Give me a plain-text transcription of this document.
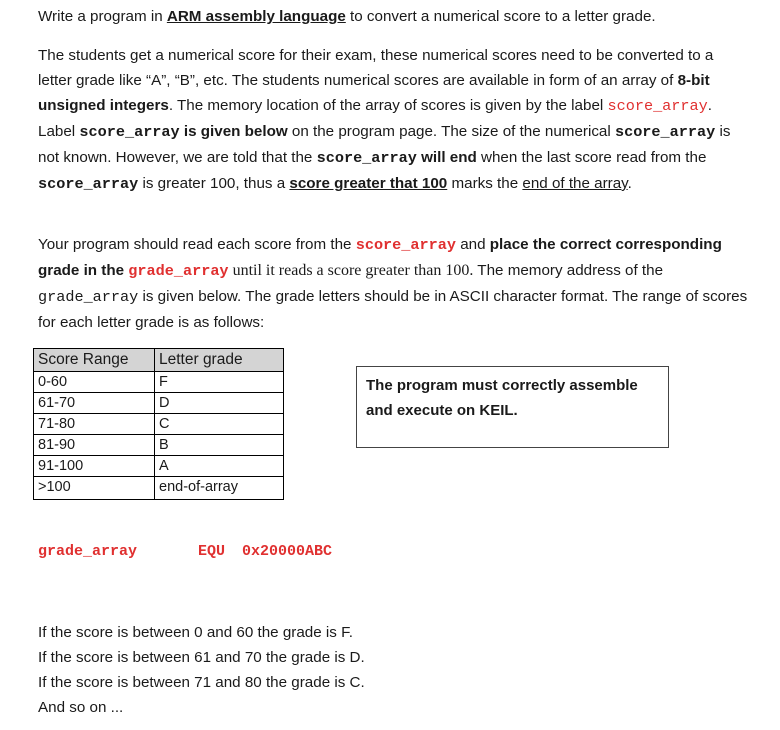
Write a program in ARM assembly language to convert a numerical score to a letter grade.

The students get a numerical score for their exam, these numerical scores need to be converted to a letter grade like “A”, “B”, etc. The students numerical scores are available in form of an array of 8-bit unsigned integers. The memory location of the array of scores is given by the label score_array. Label score_array is given below on the program page. The size of the numerical score_array is not known. However, we are told that the score_array will end when the last score read from the score_array is greater 100, thus a score greater that 100 marks the end of the array.

Your program should read each score from the score_array and place the correct corresponding grade in the grade_array until it reads a score greater than 100. The memory address of the grade_array is given below. The grade letters should be in ASCII character format. The range of scores for each letter grade is as follows:

Score Range	Letter grade
0-60	F
61-70	D
71-80	C
81-90	B
91-100	A
>100	end-of-array
The program must correctly assemble and execute on KEIL.
grade_array	EQU 0x20000ABC
If the score is between 0 and 60 the grade is F.
If the score is between 61 and 70 the grade is D.
If the score is between 71 and 80 the grade is C.
And so on ...
